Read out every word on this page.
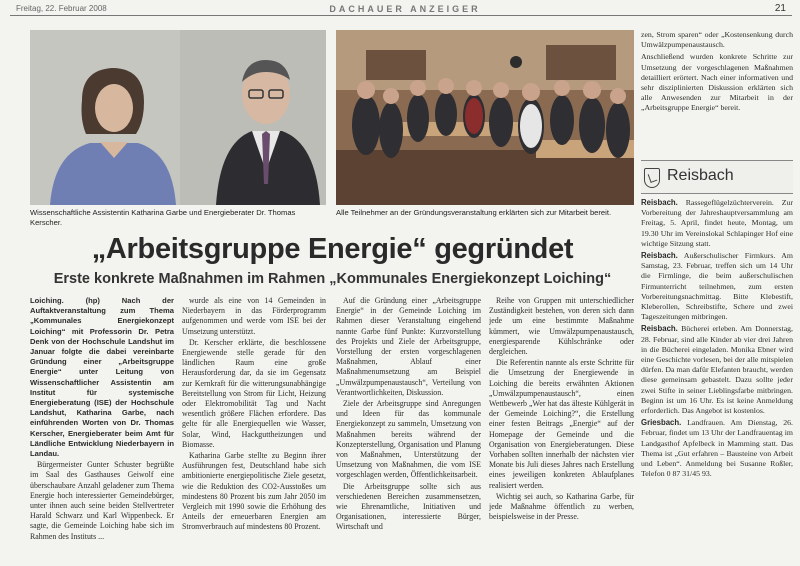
Freitag, 22. Februar 2008	DACHAUER ANZEIGER	21
Wissenschaftliche Assistentin Katharina Garbe und Energieberater Dr. Thomas Kerscher.
Alle Teilnehmer an der Gründungsveranstaltung erklärten sich zur Mitarbeit bereit.
„Arbeitsgruppe Energie“ gegründet
Erste konkrete Maßnahmen im Rahmen „Kommunales Energiekonzept Loiching“

Loiching. (hp) Nach der Auftaktveranstaltung zum Thema „Kommunales Energiekonzept Loiching“ mit Professorin Dr. Petra Denk von der Hochschule Landshut im Januar folgte die dabei vereinbarte Gründung einer „Arbeitsgruppe Energie“ unter Leitung von Wissenschaftlicher Assistentin am Institut für systemische Energieberatung (ISE) der Hochschule Landshut, Katharina Garbe, nach einführenden Worten von Dr. Thomas Kerscher, Energieberater beim Amt für Ländliche Entwicklung Niederbayern in Landau.

Bürgermeister Gunter Schuster begrüßte im Saal des Gasthauses Geiwolf eine überschaubare Anzahl geladener zum Thema Energie hoch interessierter Gemeindebürger, unter ihnen auch seine beiden Stellvertreter Harald Schwarz und Karl Wippenbeck. Er sagte, die Gemeinde Loiching habe sich im Rahmen des Instituts ...

wurde als eine von 14 Gemeinden in Niederbayern in das Förderprogramm aufgenommen und werde vom ISE bei der Umsetzung unterstützt.

Dr. Kerscher erklärte, die beschlossene Energiewende stelle gerade für den ländlichen Raum eine große Herausforderung dar, da sie im Gegensatz zur Kernkraft für die witterungsunabhängige Bereitstellung von Strom für Licht, Heizung oder Elektromobilität Tag und Nacht wesentlich größere Flächen erfordere. Das gelte für alle Energiequellen wie Wasser, Solar, Wind, Hackguttheizungen und Biomasse.

Katharina Garbe stellte zu Beginn ihrer Ausführungen fest, Deutschland habe sich ambitionierte energiepolitische Ziele gesetzt, wie die Reduktion des CO2-Ausstoßes um mindestens 80 Prozent bis zum Jahr 2050 im Vergleich mit 1990 sowie die Erhöhung des Anteils der erneuerbaren Energien am Stromverbrauch auf mindestens 80 Prozent.

Auf die Gründung einer „Arbeitsgruppe Energie“ in der Gemeinde Loiching im Rahmen dieser Veranstaltung eingehend nannte Garbe fünf Punkte: Kurzvorstellung des Projekts und Ziele der Arbeitsgruppe, Vorstellung der ersten vorgeschlagenen Maßnahmen, Ablauf einer Maßnahmenumsetzung am Beispiel „Umwälzpumpenaustausch“, Verteilung von Verantwortlichkeiten, Diskussion.

Ziele der Arbeitsgruppe sind Anregungen und Ideen für das kommunale Energiekonzept zu sammeln, Umsetzung von Maßnahmen bereits während der Konzepterstellung, Organisation und Planung von Maßnahmen, Unterstützung der Umsetzung von Maßnahmen, die vom ISE vorgeschlagen werden, Öffentlichkeitsarbeit.

Die Arbeitsgruppe sollte sich aus verschiedenen Bereichen zusammensetzen, wie Ehrenamtliche, Initiativen und Organisationen, interessierte Bürger, Wirtschaft und

Reihe von Gruppen mit unterschiedlicher Zuständigkeit bestehen, von deren sich dann jede um eine bestimmte Maßnahme kümmert, wie Umwälzpumpenaustausch, energiesparende Kühlschränke oder dergleichen.

Die Referentin nannte als erste Schritte für die Umsetzung der Energiewende in Loiching die bereits erwähnten Aktionen „Umwälzpumpenaustausch“, einen Wettbewerb „Wer hat das älteste Kühlgerät in der Gemeinde Loiching?“, die Erstellung einer festen Beitrags „Energie“ auf der Homepage der Gemeinde und die Organisation von Energieberatungen. Diese Vorhaben sollten innerhalb der nächsten vier Monate bis Juli dieses Jahres nach Erstellung eines jeweiligen konkreten Ablaufplanes realisiert werden.

Wichtig sei auch, so Katharina Garbe, für jede Maßnahme öffentlich zu werben, beispielsweise in der Presse.

zen, Strom sparen“ oder „Kostensenkung durch Umwälzpumpenaustausch.

Anschließend wurden konkrete Schritte zur Umsetzung der vorgeschlagenen Maßnahmen detailliert erörtert. Nach einer informativen und sehr disziplinierten Diskussion erklärten sich alle Anwesenden zur Mitarbeit in der „Arbeitsgruppe Energie“ bereit.

Reisbach

Reisbach. Rassegeflügelzüchterverein. Zur Vorbereitung der Jahreshauptversammlung am Freitag, 5. April, findet heute, Montag, um 19.30 Uhr im Vereinslokal Schlapinger Hof eine wichtige Sitzung statt.

Reisbach. Außerschulischer Firmkurs. Am Samstag, 23. Februar, treffen sich um 14 Uhr die Firmlinge, die beim außerschulischen Firmunterricht teilnehmen, zum ersten Vorbereitungsnachmittag. Bitte Klebestift, Kleberollen, Schreibstifte, Schere und zwei Tageszeitungen mitbringen.

Reisbach. Bücherei erleben. Am Donnerstag, 28. Februar, sind alle Kinder ab vier drei Jahren in die Bücherei eingeladen. Monika Ebner wird eine Geschichte vorlesen, bei der alle mitspielen dürfen. Da man dafür Elefanten braucht, werden diese gemeinsam gebastelt. Dazu sollte jeder zwei Stifte in seiner Lieblingsfarbe mitbringen. Beginn ist um 16 Uhr. Es ist keine Anmeldung erforderlich. Das Angebot ist kostenlos.

Griesbach. Landfrauen. Am Dienstag, 26. Februar, findet um 13 Uhr der Landfrauentag im Landgasthof Apfelbeck in Mamming statt. Das Thema ist „Gut erfahren – Bausteine von Arbeit und Leben“. Anmeldung bei Susanne Roßler, Telefon 0 87 31/45 93.
